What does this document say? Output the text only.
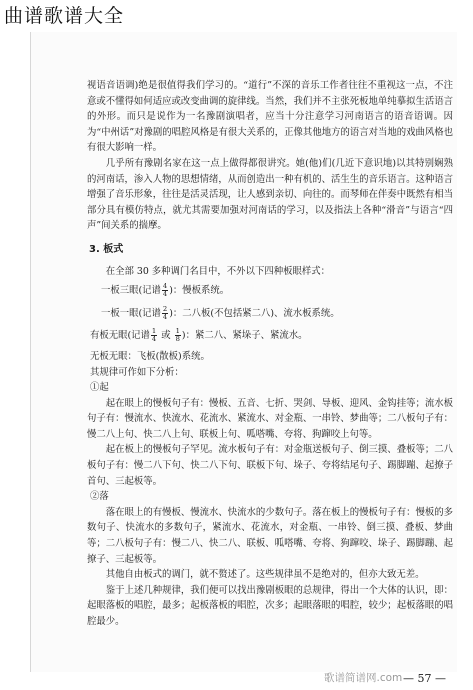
曲谱歌谱大全

视语音语调)绝是很值得我们学习的。“道行”不深的音乐工作者往往不重视这一点，不注意或不懂得如何适应或改变曲调的旋律线。当然，我们并不主张死板地单纯摹拟生活语言的外形。而只是说作为一名豫剧演唱者，应当十分注意学习河南语言的语音语调。因为“中州话”对豫剧的唱腔风格是有很大关系的，正像其他地方的语言对当地的戏曲风格也有很大影响一样。

几乎所有豫剧名家在这一点上做得都很讲究。她(他)们(几近下意识地)以其特别娴熟的河南话，渗入人物的思想情绪，从而创造出一种有机的、活生生的音乐语言。这种语言增强了音乐形象，往往是活灵活现，让人感到亲切、向往的。而琴师在伴奏中既然有相当部分具有模仿特点，就尤其需要加强对河南话的学习，以及指法上各种“滑音”与语言“四声”间关系的揣摩。

3. 板式

在全部 30 多种调门名目中，不外以下四种板眼样式：

一板三眼(记谱 $\frac{4}{4}$ )：慢板系统。

一板一眼(记谱 $\frac{2}{4}$ )：二八板(不包括紧二八)、流水板系统。

有板无眼(记谱 $\frac{1}{4}$ 或 $\frac{1}{8}$ )：紧二八、紧垛子、紧流水。

无板无眼：飞板(散板)系统。

其规律可作如下分析：

①起

起在眼上的慢板句子有：慢板、五音、七折、哭剑、导板、迎风、金钩挂等；流水板句子有：慢流水、快流水、花流水、紧流水、对金瓶、一串铃、梦曲等；二八板句子有：慢二八上句、快二八上句、联板上句、呱嗒嘴、夸将、狗蹿咬上句等。

起在板上的慢板句子罕见。流水板句子有：对金瓶送板句子、倒三摸、叠板等；二八板句子有：慢二八下句、快二八下句、联板下句、垛子、夸将结尾句子、踢脚蹦、起撩子首句、三起板等。

②落

落在眼上的有慢板、慢流水、快流水的少数句子。落在板上的慢板句子有：慢板的多数句子、快流水的多数句子，紧流水、花流水，对金瓶、一串铃、倒三摸、叠板、梦曲等；二八板句子有：慢二八、快二八、联板、呱嗒嘴、夸将、狗蹿咬、垛子、踢脚蹦、起撩子、三起板等。

其他自由板式的调门，就不赘述了。这些规律虽不是绝对的，但亦大致无差。

鉴于上述几种规律，我们便可以找出豫剧板眼的总规律，得出一个大体的认识，即：起眼落板的唱腔，最多；起板落板的唱腔，次多；起眼落眼的唱腔，较少；起板落眼的唱腔最少。

— 57 —
歌谱简谱网.com
